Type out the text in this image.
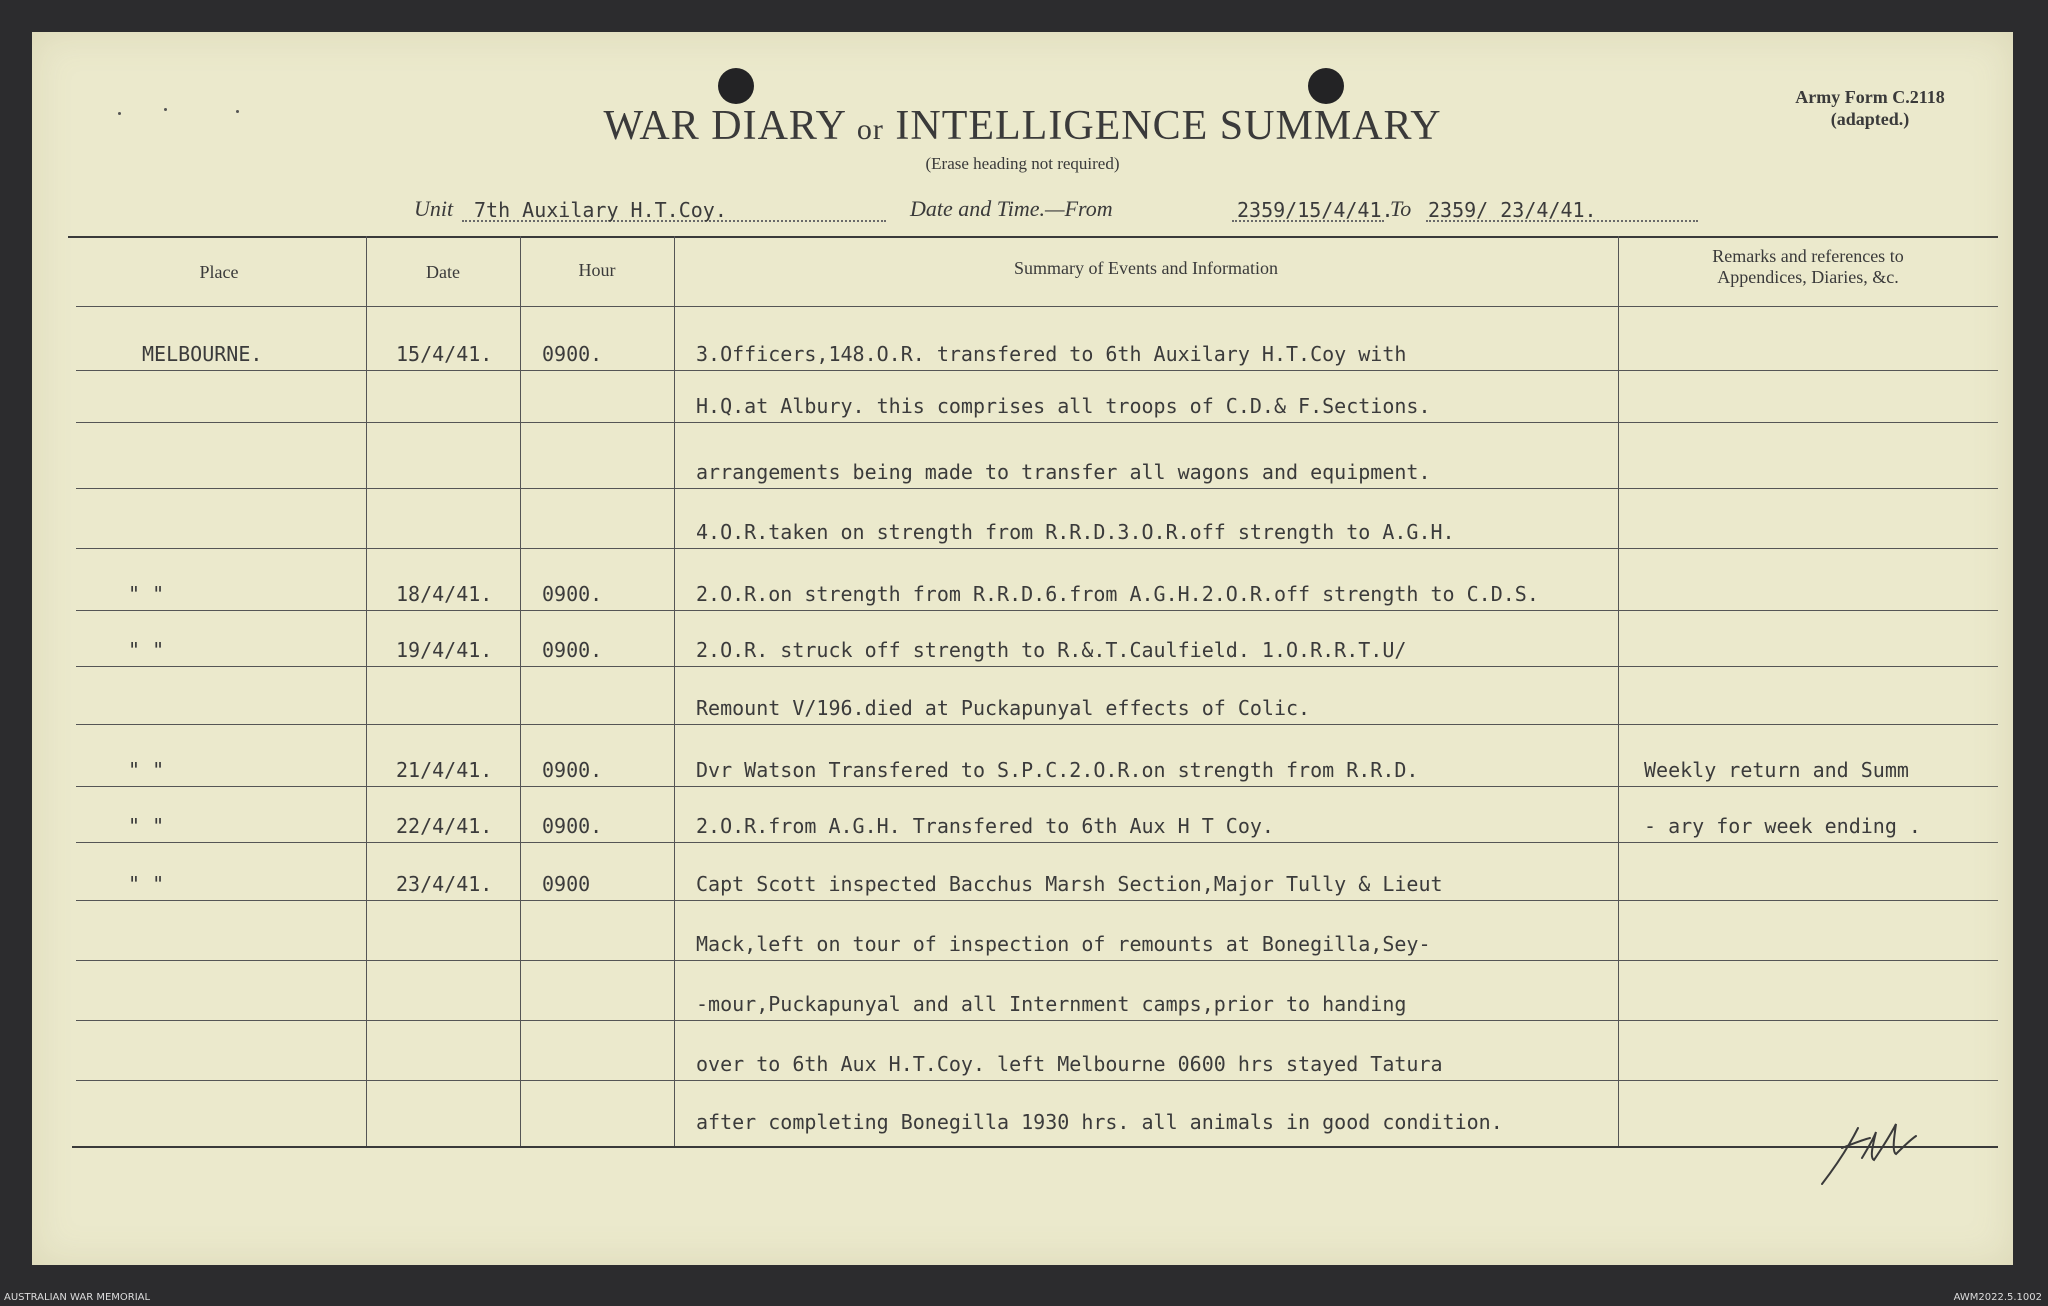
WAR DIARY or INTELLIGENCE SUMMARY
(Erase heading not required)
Army Form C.2118
(adapted.)
Unit 7th Auxilary H.T.Coy.	Date and Time.—From	2359/15/4/41.
To 2359/ 23/4/41.
Place	Date	Hour	Summary of Events and Information
Remarks and references to
Appendices, Diaries, &c.
MELBOURNE.	15/4/41. 0900.	3.Officers,148.O.R. transfered to 6th Auxilary H.T.Coy with
H.Q.at Albury. this comprises all troops of C.D.& F.Sections.
arrangements being made to transfer all wagons and equipment.
4.O.R.taken on strength from R.R.D.3.O.R.off strength to A.G.H.
" "	18/4/41. 0900.	2.O.R.on strength from R.R.D.6.from A.G.H.2.O.R.off strength to C.D.S.
" "	19/4/41. 0900.	2.O.R. struck off strength to R.&.T.Caulfield. 1.O.R.R.T.U/
Remount V/196.died at Puckapunyal effects of Colic.
" "	21/4/41. 0900.	Dvr Watson Transfered to S.P.C.2.O.R.on strength from R.R.D.	Weekly return and Summ
" "	22/4/41. 0900.	2.O.R.from A.G.H. Transfered to 6th Aux H T Coy.	- ary for week ending .
" "	23/4/41. 0900	Capt Scott inspected Bacchus Marsh Section,Major Tully & Lieut
Mack,left on tour of inspection of remounts at Bonegilla,Sey-
-mour,Puckapunyal and all Internment camps,prior to handing
over to 6th Aux H.T.Coy. left Melbourne 0600 hrs stayed Tatura
after completing Bonegilla 1930 hrs. all animals in good condition.
AUSTRALIAN WAR MEMORIAL	AWM2022.5.1002
